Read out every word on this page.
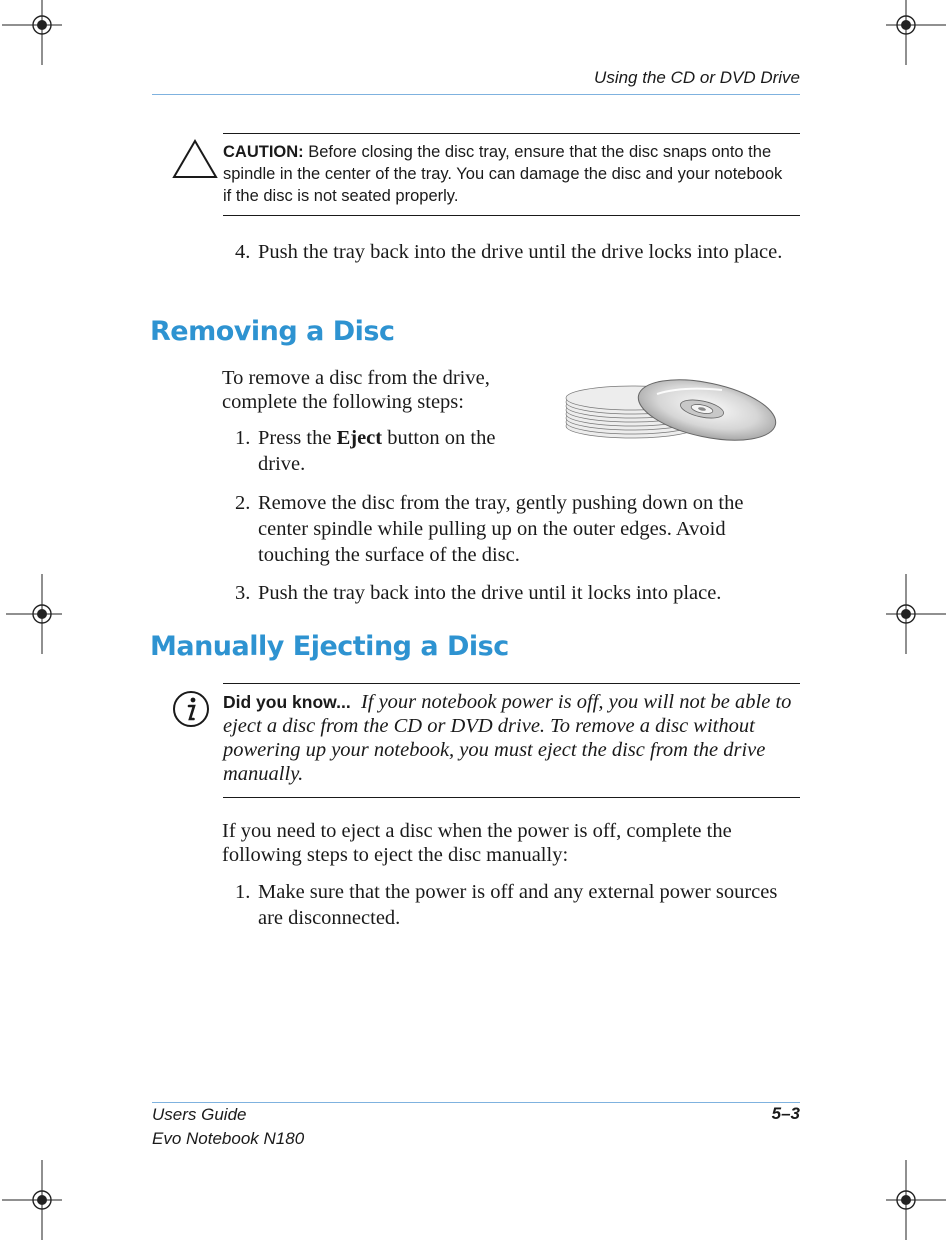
Using the CD or DVD Drive
CAUTION: Before closing the disc tray, ensure that the disc snaps onto the spindle in the center of the tray. You can damage the disc and your notebook if the disc is not seated properly.
4. Push the tray back into the drive until the drive locks into place.
Removing a Disc
To remove a disc from the drive, complete the following steps:
1. Press the Eject button on the drive.
2. Remove the disc from the tray, gently pushing down on the center spindle while pulling up on the outer edges. Avoid touching the surface of the disc.
3. Push the tray back into the drive until it locks into place.
Manually Ejecting a Disc
Did you know... If your notebook power is off, you will not be able to eject a disc from the CD or DVD drive. To remove a disc without powering up your notebook, you must eject the disc from the drive manually.
If you need to eject a disc when the power is off, complete the following steps to eject the disc manually:
1. Make sure that the power is off and any external power sources are disconnected.
Users Guide
Evo Notebook N180
5–3
